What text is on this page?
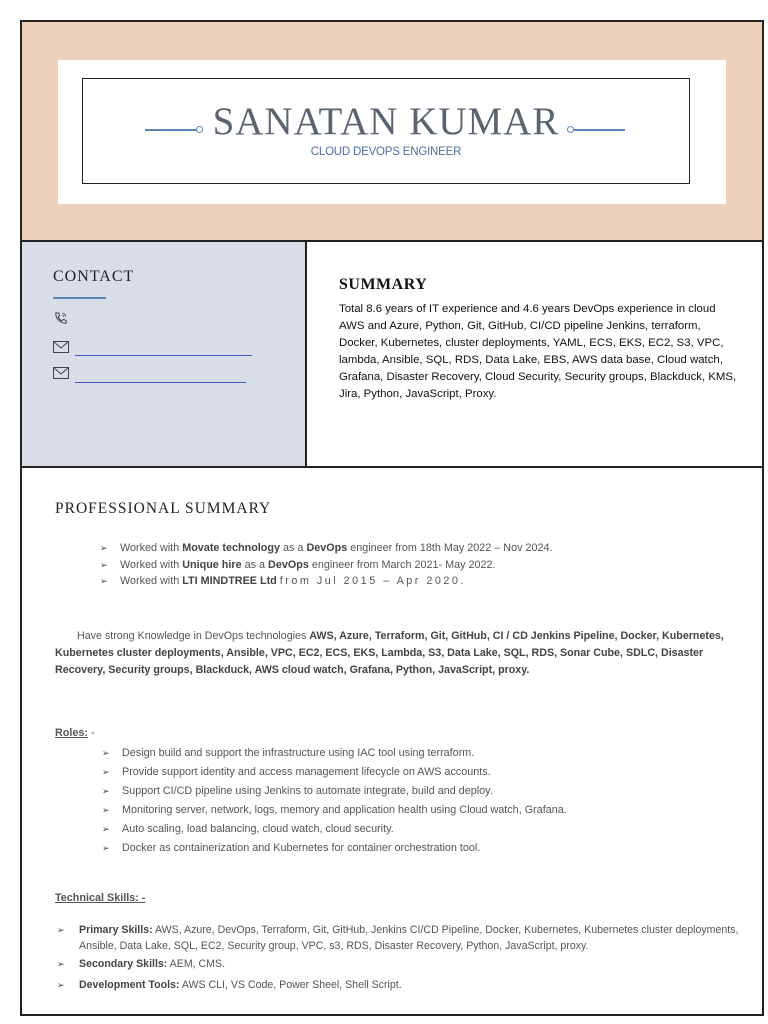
SANATAN KUMAR
CLOUD DEVOPS ENGINEER
CONTACT	SUMMARY
Total 8.6 years of IT experience and 4.6 years DevOps experience in cloud AWS and Azure, Python, Git, GitHub, CI/CD pipeline Jenkins, terraform, Docker, Kubernetes, cluster deployments, YAML, ECS, EKS, EC2, S3, VPC, lambda, Ansible, SQL, RDS, Data Lake, EBS, AWS data base, Cloud watch, Grafana, Disaster Recovery, Cloud Security, Security groups, Blackduck, KMS, Jira, Python, JavaScript, Proxy.
PROFESSIONAL SUMMARY
➢ Worked with Movate technology as a DevOps engineer from 18th May 2022 – Nov 2024.
➢ Worked with Unique hire as a DevOps engineer from March 2021- May 2022.
➢ Worked with LTI MINDTREE Ltd from Jul 2015 – Apr 2020.
Have strong Knowledge in DevOps technologies AWS, Azure, Terraform, Git, GitHub, CI / CD Jenkins Pipeline, Docker, Kubernetes, Kubernetes cluster deployments, Ansible, VPC, EC2, ECS, EKS, Lambda, S3, Data Lake, SQL, RDS, Sonar Cube, SDLC, Disaster Recovery, Security groups, Blackduck, AWS cloud watch, Grafana, Python, JavaScript, proxy.
Roles: -
➢ Design build and support the infrastructure using IAC tool using terraform.
➢ Provide support identity and access management lifecycle on AWS accounts.
➢ Support CI/CD pipeline using Jenkins to automate integrate, build and deploy.
➢ Monitoring server, network, logs, memory and application health using Cloud watch, Grafana.
➢ Auto scaling, load balancing, cloud watch, cloud security.
➢ Docker as containerization and Kubernetes for container orchestration tool.
Technical Skills: -
➢	Primary Skills: AWS, Azure, DevOps, Terraform, Git, GitHub, Jenkins CI/CD Pipeline, Docker, Kubernetes, Kubernetes cluster deployments, Ansible, Data Lake, SQL, EC2, Security group, VPC, s3, RDS, Disaster Recovery, Python, JavaScript, proxy.
➢	Secondary Skills: AEM, CMS.
➢	Development Tools: AWS CLI, VS Code, Power Sheel, Shell Script.
